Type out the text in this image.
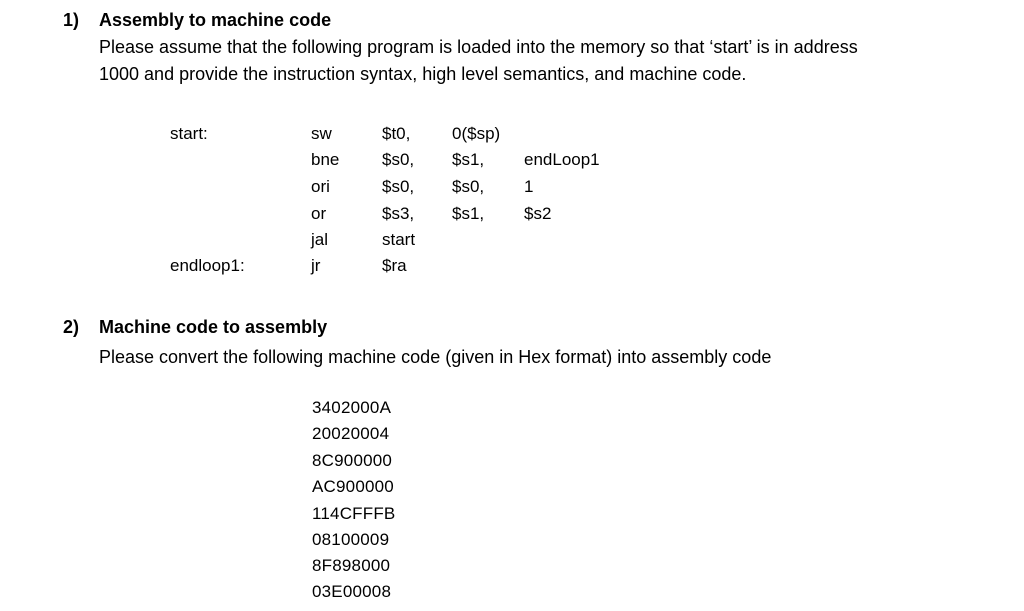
1) Assembly to machine code
Please assume that the following program is loaded into the memory so that ‘start’ is in address 1000 and provide the instruction syntax, high level semantics, and machine code.
start:	sw	$t0, 0($sp)
bne	$s0, $s1, endLoop1
ori	$s0, $s0, 1
or	$s3, $s1, $s2
jal	start
endloop1:	jr	$ra
2) Machine code to assembly
Please convert the following machine code (given in Hex format) into assembly code
3402000A
20020004
8C900000
AC900000
114CFFFB
08100009
8F898000
03E00008
